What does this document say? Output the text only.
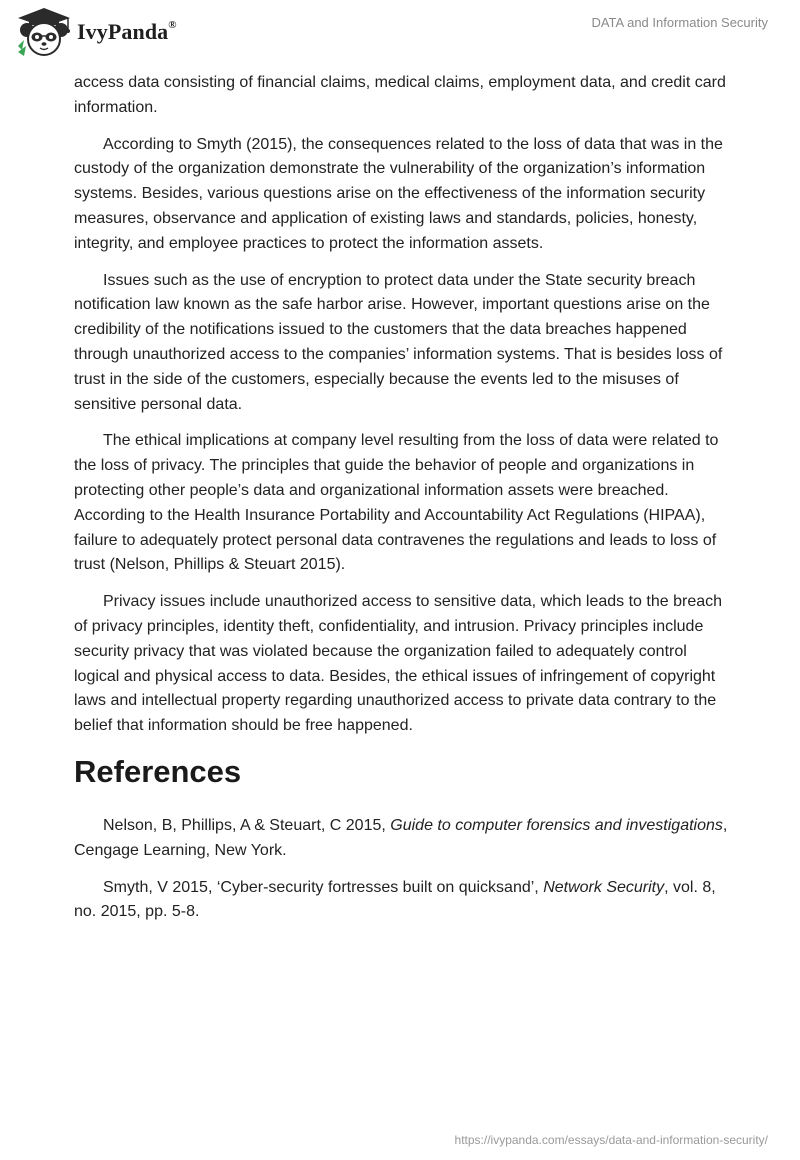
IvyPanda®	DATA and Information Security

access data consisting of financial claims, medical claims, employment data, and credit card information.

According to Smyth (2015), the consequences related to the loss of data that was in the custody of the organization demonstrate the vulnerability of the organization’s information systems. Besides, various questions arise on the effectiveness of the information security measures, observance and application of existing laws and standards, policies, honesty, integrity, and employee practices to protect the information assets.

Issues such as the use of encryption to protect data under the State security breach notification law known as the safe harbor arise. However, important questions arise on the credibility of the notifications issued to the customers that the data breaches happened through unauthorized access to the companies’ information systems. That is besides loss of trust in the side of the customers, especially because the events led to the misuses of sensitive personal data.

The ethical implications at company level resulting from the loss of data were related to the loss of privacy. The principles that guide the behavior of people and organizations in protecting other people’s data and organizational information assets were breached. According to the Health Insurance Portability and Accountability Act Regulations (HIPAA), failure to adequately protect personal data contravenes the regulations and leads to loss of trust (Nelson, Phillips & Steuart 2015).

Privacy issues include unauthorized access to sensitive data, which leads to the breach of privacy principles, identity theft, confidentiality, and intrusion. Privacy principles include security privacy that was violated because the organization failed to adequately control logical and physical access to data. Besides, the ethical issues of infringement of copyright laws and intellectual property regarding unauthorized access to private data contrary to the belief that information should be free happened.

References

Nelson, B, Phillips, A & Steuart, C 2015, Guide to computer forensics and investigations, Cengage Learning, New York.

Smyth, V 2015, ‘Cyber-security fortresses built on quicksand’, Network Security, vol. 8, no. 2015, pp. 5-8.

https://ivypanda.com/essays/data-and-information-security/
